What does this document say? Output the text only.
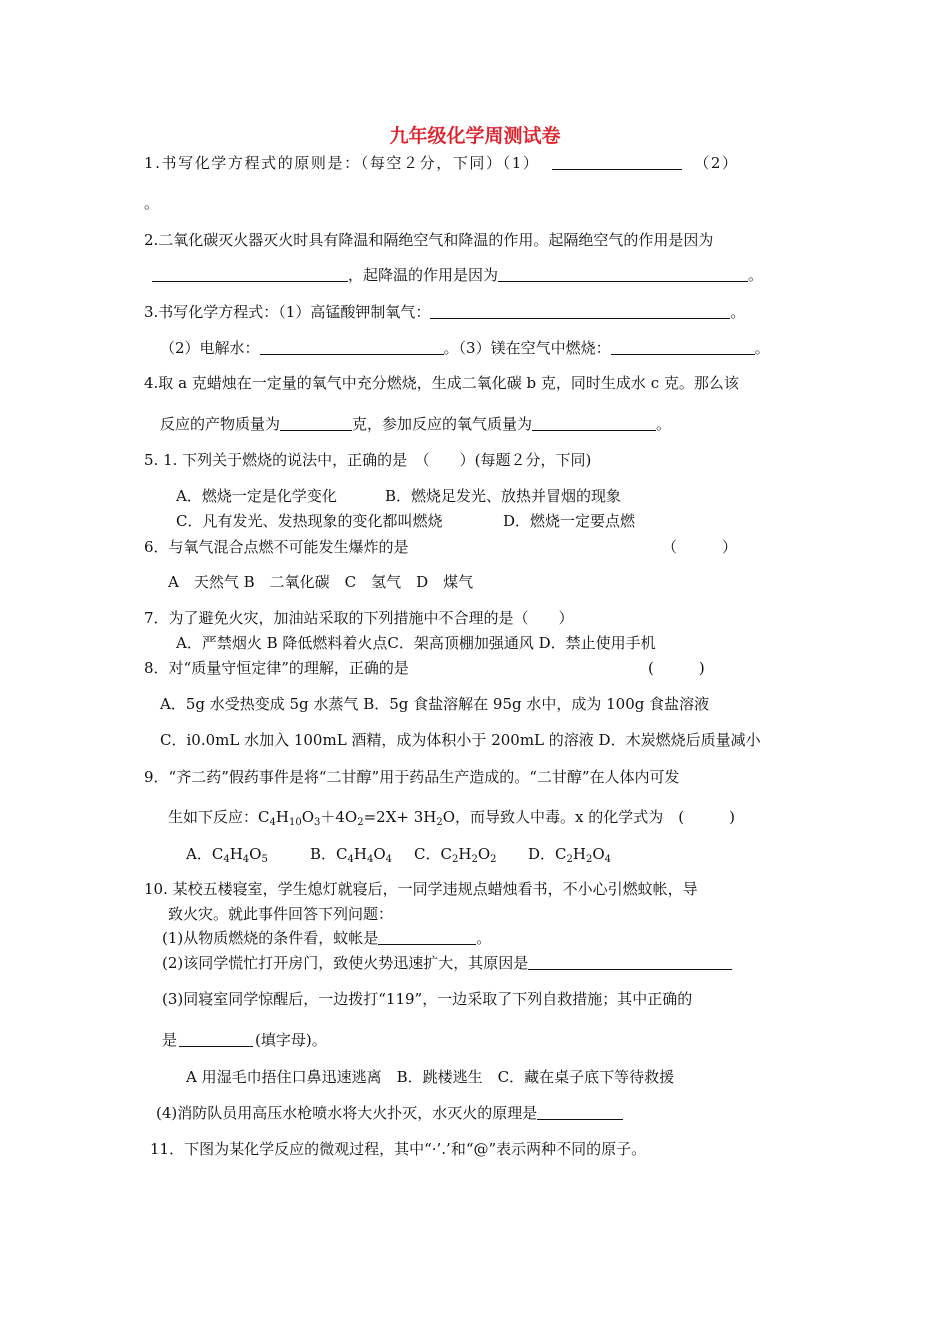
九年级化学周测试卷
1.书写化学方程式的原则是：（每空２分，下同）（1）	（2）
。
2.二氧化碳灭火器灭火时具有降温和隔绝空气和降温的作用。起隔绝空气的作用是因为
，起降温的作用是因为	。
3.书写化学方程式：（1）高锰酸钾制氧气：	。
（2）电解水：	。（3）镁在空气中燃烧：	。
4.取 a 克蜡烛在一定量的氧气中充分燃烧，生成二氧化碳 b 克，同时生成水 c 克。那么该
反应的产物质量为	克，参加反应的氧气质量为	。
5. 1. 下列关于燃烧的说法中，正确的是　（　　）(每题２分，下同)
A．燃烧一定是化学变化	B．燃烧足发光、放热并冒烟的现象
C．凡有发光、发热现象的变化都叫燃烧	D．燃烧一定要点燃
6．与氧气混合点燃不可能发生爆炸的是	（　　　）
A　天然气 B　二氧化碳　C　氢气　D　煤气
7．为了避免火灾，加油站采取的下列措施中不合理的是（　　）
A．严禁烟火 B 降低燃料着火点C．架高顶棚加强通风 D．禁止使用手机
8．对“质量守恒定律”的理解，正确的是	(　　　)
A．5g 水受热变成 5g 水蒸气 B．5g 食盐溶解在 95g 水中，成为 100g 食盐溶液
C．i0.0mL 水加入 100mL 酒精，成为体积小于 200mL 的溶液 D．木炭燃烧后质量减小
9．“齐二药”假药事件是将“二甘醇”用于药品生产造成的。“二甘醇”在人体内可发
生如下反应：$C_4H_{10}O_3+4O_2=2X+ 3H_2O$，而导致人中毒。x 的化学式为　(　　　)
A．$C_4H_4O_5$	B．$C_4H_4O_4$ C．$C_2H_2O_2$ D．$C_2H_2O_4$
10. 某校五楼寝室，学生熄灯就寝后，一同学违规点蜡烛看书，不小心引燃蚊帐，导
致火灾。就此事件回答下列问题：
(1)从物质燃烧的条件看，蚊帐是	。
(2)该同学慌忙打开房门，致使火势迅速扩大，其原因是
(3)同寝室同学惊醒后，一边拨打“119”，一边采取了下列自救措施；其中正确的
是	(填字母)。
A 用湿毛巾捂住口鼻迅速逃离　B．跳楼逃生　C．藏在桌子底下等待救援
(4)消防队员用高压水枪喷水将大火扑灭，水灭火的原理是
11．下图为某化学反应的微观过程，其中“·’.’和“@”表示两种不同的原子。
